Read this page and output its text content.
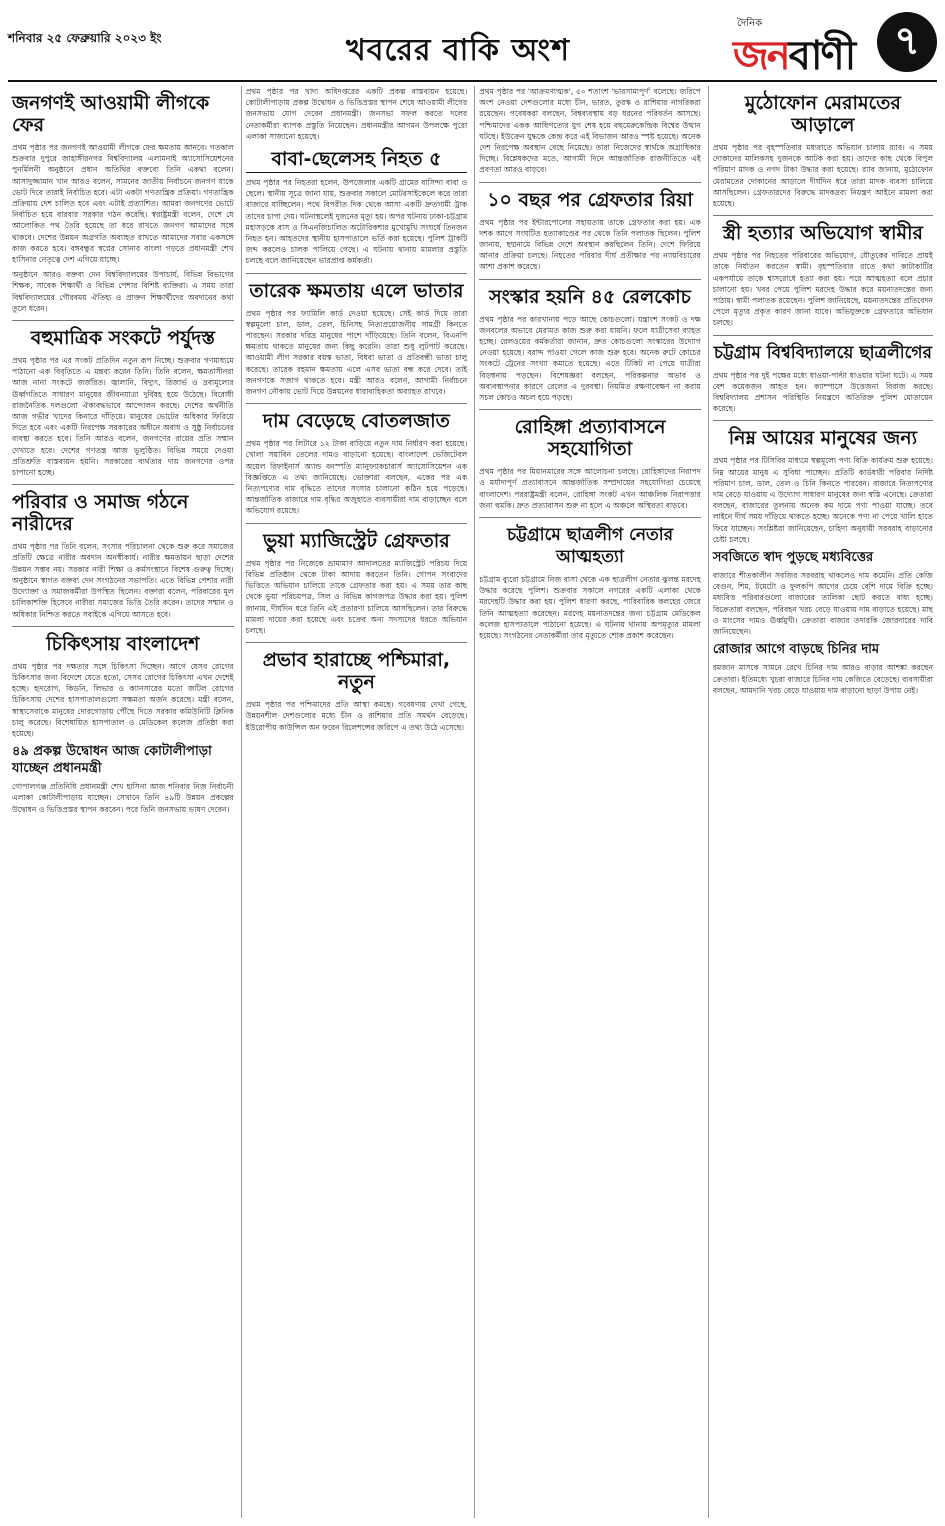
শনিবার ২৫ ফেব্রুয়ারি ২০২৩ ইং	খবরের বাকি অংশ
দৈনিক
জনবাণী ৭
জনগণই আওয়ামী লীগকে ফের

প্রথম পৃষ্ঠার পর জনগণই আওয়ামী লীগকে ফের ক্ষমতায় আনবে। গতকাল শুক্রবার দুপুরে জাহাঙ্গীরনগর বিশ্ববিদ্যালয় এলামনাই অ্যাসোসিয়েশনের পুনর্মিলনী অনুষ্ঠানে প্রধান অতিথির বক্তব্যে তিনি একথা বলেন। আসাদুজ্জামান খান আরও বলেন, সামনের জাতীয় নির্বাচনে জনগণ যাকে ভোট দিবে তারাই নির্বাচিত হবে। এটা একটা গণতান্ত্রিক প্রক্রিয়া। গণতান্ত্রিক প্রক্রিয়ায় দেশ চালিত হবে এবং এটাই প্রত্যাশিত। আমরা জনগণের ভোটে নির্বাচিত হয়ে বারবার সরকার গঠন করেছি। স্বরাষ্ট্রমন্ত্রী বলেন, দেশে যে আলোকিত পথ তৈরি হয়েছে তা ধরে রাখতে জনগণ আমাদের সঙ্গে থাকবে। দেশের উন্নয়ন অগ্রগতি অব্যাহত রাখতে আমাদের সবার একসঙ্গে কাজ করতে হবে। বঙ্গবন্ধুর স্বপ্নের সোনার বাংলা গড়তে প্রধানমন্ত্রী শেখ হাসিনার নেতৃত্বে দেশ এগিয়ে যাচ্ছে।

অনুষ্ঠানে আরও বক্তব্য দেন বিশ্ববিদ্যালয়ের উপাচার্য, বিভিন্ন বিভাগের শিক্ষক, সাবেক শিক্ষার্থী ও বিভিন্ন পেশার বিশিষ্ট ব্যক্তিরা। এ সময় তারা বিশ্ববিদ্যালয়ের গৌরবময় ঐতিহ্য ও প্রাক্তন শিক্ষার্থীদের অবদানের কথা তুলে ধরেন।

বহুমাত্রিক সংকটে পর্যুদস্ত

প্রথম পৃষ্ঠার পর এর সংকট প্রতিদিন নতুন রূপ নিচ্ছে। শুক্রবার গণমাধ্যমে পাঠানো এক বিবৃতিতে এ মন্তব্য করেন তিনি। তিনি বলেন, ক্ষমতাসীনরা আজ নানা সংকটে জর্জরিত। জ্বালানি, বিদ্যুৎ, রিজার্ভ ও দ্রব্যমূল্যের ঊর্ধ্বগতিতে সাধারণ মানুষের জীবনযাত্রা দুর্বিষহ হয়ে উঠেছে। বিরোধী রাজনৈতিক দলগুলো ঐক্যবদ্ধভাবে আন্দোলন করছে। দেশের অর্থনীতি আজ গভীর খাদের কিনারে দাঁড়িয়ে। মানুষের ভোটের অধিকার ফিরিয়ে দিতে হবে এবং একটি নিরপেক্ষ সরকারের অধীনে অবাধ ও সুষ্ঠু নির্বাচনের ব্যবস্থা করতে হবে। তিনি আরও বলেন, জনগণের রায়ের প্রতি সম্মান দেখাতে হবে। দেশের গণতন্ত্র আজ ভূলুণ্ঠিত। বিভিন্ন সময়ে দেওয়া প্রতিশ্রুতি বাস্তবায়ন হয়নি। সরকারের ব্যর্থতার দায় জনগণের ওপর চাপানো হচ্ছে।

পরিবার ও সমাজ গঠনে নারীদের

প্রথম পৃষ্ঠার পর তিনি বলেন, সংসার পরিচালনা থেকে শুরু করে সমাজের প্রতিটি ক্ষেত্রে নারীর অবদান অনস্বীকার্য। নারীর ক্ষমতায়ন ছাড়া দেশের উন্নয়ন সম্ভব নয়। সরকার নারী শিক্ষা ও কর্মসংস্থানে বিশেষ গুরুত্ব দিচ্ছে। অনুষ্ঠানে স্বাগত বক্তব্য দেন সংগঠনের সভাপতি। এতে বিভিন্ন পেশার নারী উদ্যোক্তা ও সমাজকর্মীরা উপস্থিত ছিলেন। বক্তারা বলেন, পরিবারের মূল চালিকাশক্তি হিসেবে নারীরা সমাজের ভিত্তি তৈরি করেন। তাদের সম্মান ও অধিকার নিশ্চিত করতে সবাইকে এগিয়ে আসতে হবে।

চিকিৎসায় বাংলাদেশ

প্রথম পৃষ্ঠার পর দক্ষতার সঙ্গে চিকিৎসা দিচ্ছেন। আগে যেসব রোগের চিকিৎসার জন্য বিদেশে যেতে হতো, সেসব রোগের চিকিৎসা এখন দেশেই হচ্ছে। হৃদরোগ, কিডনি, লিভার ও ক্যানসারের মতো জটিল রোগের চিকিৎসায় দেশের হাসপাতালগুলো সক্ষমতা অর্জন করেছে। মন্ত্রী বলেন, স্বাস্থ্যসেবাকে মানুষের দোরগোড়ায় পৌঁছে দিতে সরকার কমিউনিটি ক্লিনিক চালু করেছে। বিশেষায়িত হাসপাতাল ও মেডিকেল কলেজ প্রতিষ্ঠা করা হয়েছে।

৪৯ প্রকল্প উদ্বোধন আজ কোটালীপাড়া যাচ্ছেন প্রধানমন্ত্রী

গোপালগঞ্জ প্রতিনিধি প্রধানমন্ত্রী শেখ হাসিনা আজ শনিবার নিজ নির্বাচনী এলাকা কোটালীপাড়ায় যাচ্ছেন। সেখানে তিনি ৪৯টি উন্নয়ন প্রকল্পের উদ্বোধন ও ভিত্তিপ্রস্তর স্থাপন করবেন। পরে তিনি জনসভায় ভাষণ দেবেন।

প্রথম পৃষ্ঠার পর খাদ্য অধিদপ্তরের একটি প্রকল্প বাস্তবায়ন হয়েছে। কোটালীপাড়ায় প্রকল্প উদ্বোধন ও ভিত্তিপ্রস্তর স্থাপন শেষে আওয়ামী লীগের জনসভায় যোগ দেবেন প্রধানমন্ত্রী। জনসভা সফল করতে দলের নেতাকর্মীরা ব্যাপক প্রস্তুতি নিয়েছেন। প্রধানমন্ত্রীর আগমন উপলক্ষে পুরো এলাকা সাজানো হয়েছে।

বাবা-ছেলেসহ নিহত ৫

প্রথম পৃষ্ঠার পর নিহতরা হলেন, উপজেলার একটি গ্রামের বাসিন্দা বাবা ও ছেলে। স্থানীয় সূত্রে জানা যায়, শুক্রবার সকালে মোটরসাইকেলে করে তারা বাজারে যাচ্ছিলেন। পথে বিপরীত দিক থেকে আসা একটি দ্রুতগামী ট্রাক তাদের চাপা দেয়। ঘটনাস্থলেই দুজনের মৃত্যু হয়। অপর ঘটনায় ঢাকা-চট্টগ্রাম মহাসড়কে বাস ও সিএনজিচালিত অটোরিকশার মুখোমুখি সংঘর্ষে তিনজন নিহত হন। আহতদের স্থানীয় হাসপাতালে ভর্তি করা হয়েছে। পুলিশ ট্রাকটি জব্দ করলেও চালক পালিয়ে গেছে। এ ঘটনায় থানায় মামলার প্রস্তুতি চলছে বলে জানিয়েছেন ভারপ্রাপ্ত কর্মকর্তা।

তারেক ক্ষমতায় এলে ভাতার

প্রথম পৃষ্ঠার পর ফ্যামিলি কার্ড দেওয়া হয়েছে। সেই কার্ড দিয়ে তারা স্বল্পমূল্যে চাল, ডাল, তেল, চিনিসহ নিত্যপ্রয়োজনীয় সামগ্রী কিনতে পারছেন। সরকার দরিদ্র মানুষের পাশে দাঁড়িয়েছে। তিনি বলেন, বিএনপি ক্ষমতায় থাকতে মানুষের জন্য কিছু করেনি। তারা শুধু লুটপাট করেছে। আওয়ামী লীগ সরকার বয়স্ক ভাতা, বিধবা ভাতা ও প্রতিবন্ধী ভাতা চালু করেছে। তারেক রহমান ক্ষমতায় এলে এসব ভাতা বন্ধ করে দেবে। তাই জনগণকে সজাগ থাকতে হবে। মন্ত্রী আরও বলেন, আগামী নির্বাচনে জনগণ নৌকায় ভোট দিয়ে উন্নয়নের ধারাবাহিকতা অব্যাহত রাখবে।

দাম বেড়েছে বোতলজাত

প্রথম পৃষ্ঠার পর লিটারে ১২ টাকা বাড়িয়ে নতুন দাম নির্ধারণ করা হয়েছে। খোলা সয়াবিন তেলের দামও বাড়ানো হয়েছে। বাংলাদেশ ভেজিটেবল অয়েল রিফাইনার্স অ্যান্ড বনস্পতি ম্যানুফ্যাকচারার্স অ্যাসোসিয়েশন এক বিজ্ঞপ্তিতে এ তথ্য জানিয়েছে। ভোক্তারা বলছেন, একের পর এক নিত্যপণ্যের দাম বৃদ্ধিতে তাদের সংসার চালানো কঠিন হয়ে পড়েছে। আন্তর্জাতিক বাজারে দাম বৃদ্ধির অজুহাতে ব্যবসায়ীরা দাম বাড়াচ্ছেন বলে অভিযোগ রয়েছে।

ভুয়া ম্যাজিস্ট্রেট গ্রেফতার

প্রথম পৃষ্ঠার পর নিজেকে ভ্রাম্যমাণ আদালতের ম্যাজিস্ট্রেট পরিচয় দিয়ে বিভিন্ন প্রতিষ্ঠান থেকে টাকা আদায় করতেন তিনি। গোপন সংবাদের ভিত্তিতে অভিযান চালিয়ে তাকে গ্রেফতার করা হয়। এ সময় তার কাছ থেকে ভুয়া পরিচয়পত্র, সিল ও বিভিন্ন কাগজপত্র উদ্ধার করা হয়। পুলিশ জানায়, দীর্ঘদিন ধরে তিনি এই প্রতারণা চালিয়ে আসছিলেন। তার বিরুদ্ধে মামলা দায়ের করা হয়েছে এবং চক্রের অন্য সদস্যদের ধরতে অভিযান চলছে।

প্রভাব হারাচ্ছে পশ্চিমারা, নতুন

প্রথম পৃষ্ঠার পর পশ্চিমাদের প্রতি আস্থা কমছে। গবেষণায় দেখা গেছে, উন্নয়নশীল দেশগুলোর মধ্যে চীন ও রাশিয়ার প্রতি সমর্থন বেড়েছে। ইউরোপীয় কাউন্সিল অন ফরেন রিলেশন্সের জরিপে এ তথ্য উঠে এসেছে।

প্রথম পৃষ্ঠার পর 'আক্রমণাত্মক', ৫০ শতাংশ 'ভারসাম্যপূর্ণ' বলেছে। জরিপে অংশ নেওয়া দেশগুলোর মধ্যে চীন, ভারত, তুরস্ক ও রাশিয়ার নাগরিকরা রয়েছেন। গবেষকরা বলছেন, বিশ্বব্যবস্থায় বড় ধরনের পরিবর্তন আসছে। পশ্চিমাদের একক আধিপত্যের যুগ শেষ হয়ে বহুমেরুকেন্দ্রিক বিশ্বের উত্থান ঘটছে। ইউক্রেন যুদ্ধকে কেন্দ্র করে এই বিভাজন আরও স্পষ্ট হয়েছে। অনেক দেশ নিরপেক্ষ অবস্থান বেছে নিয়েছে। তারা নিজেদের স্বার্থকে অগ্রাধিকার দিচ্ছে। বিশ্লেষকদের মতে, আগামী দিনে আন্তর্জাতিক রাজনীতিতে এই প্রবণতা আরও বাড়বে।

১০ বছর পর গ্রেফতার রিয়া

প্রথম পৃষ্ঠার পর ইন্টারপোলের সহায়তায় তাকে গ্রেফতার করা হয়। এক দশক আগে সংঘটিত হত্যাকাণ্ডের পর থেকে তিনি পলাতক ছিলেন। পুলিশ জানায়, ছদ্মনামে বিভিন্ন দেশে অবস্থান করছিলেন তিনি। দেশে ফিরিয়ে আনার প্রক্রিয়া চলছে। নিহতের পরিবার দীর্ঘ প্রতীক্ষার পর ন্যায়বিচারের আশা প্রকাশ করেছে।

সংস্কার হয়নি ৪৫ রেলকোচ

প্রথম পৃষ্ঠার পর কারখানায় পড়ে আছে কোচগুলো। যন্ত্রাংশ সংকট ও দক্ষ জনবলের অভাবে মেরামত কাজ শুরু করা যায়নি। ফলে যাত্রীসেবা ব্যাহত হচ্ছে। রেলওয়ের কর্মকর্তারা জানান, দ্রুত কোচগুলো সংস্কারের উদ্যোগ নেওয়া হয়েছে। বরাদ্দ পাওয়া গেলে কাজ শুরু হবে। অনেক রুটে কোচের সংকটে ট্রেনের সংখ্যা কমাতে হয়েছে। এতে টিকিট না পেয়ে যাত্রীরা বিড়ম্বনায় পড়ছেন। বিশেষজ্ঞরা বলছেন, পরিকল্পনার অভাব ও অব্যবস্থাপনার কারণে রেলের এ দুরবস্থা। নিয়মিত রক্ষণাবেক্ষণ না করায় সচল কোচও অচল হয়ে পড়ছে।

রোহিঙ্গা প্রত্যাবাসনে সহযোগিতা

প্রথম পৃষ্ঠার পর মিয়ানমারের সঙ্গে আলোচনা চলছে। রোহিঙ্গাদের নিরাপদ ও মর্যাদাপূর্ণ প্রত্যাবাসনে আন্তর্জাতিক সম্প্রদায়ের সহযোগিতা চেয়েছে বাংলাদেশ। পররাষ্ট্রমন্ত্রী বলেন, রোহিঙ্গা সংকট এখন আঞ্চলিক নিরাপত্তার জন্য হুমকি। দ্রুত প্রত্যাবাসন শুরু না হলে এ অঞ্চলে অস্থিরতা বাড়বে।

চট্টগ্রামে ছাত্রলীগ নেতার আত্মহত্যা

চট্টগ্রাম ব্যুরো চট্টগ্রামে নিজ বাসা থেকে এক ছাত্রলীগ নেতার ঝুলন্ত মরদেহ উদ্ধার করেছে পুলিশ। শুক্রবার সকালে নগরের একটি এলাকা থেকে মরদেহটি উদ্ধার করা হয়। পুলিশ ধারণা করছে, পারিবারিক কলহের জেরে তিনি আত্মহত্যা করেছেন। মরদেহ ময়নাতদন্তের জন্য চট্টগ্রাম মেডিকেল কলেজ হাসপাতালে পাঠানো হয়েছে। এ ঘটনায় থানায় অপমৃত্যুর মামলা হয়েছে। সংগঠনের নেতাকর্মীরা তার মৃত্যুতে শোক প্রকাশ করেছেন।

মুঠোফোন মেরামতের আড়ালে

প্রথম পৃষ্ঠার পর বৃহস্পতিবার মধ্যরাতে অভিযান চালায় র‍্যাব। এ সময় দোকানের মালিকসহ দুজনকে আটক করা হয়। তাদের কাছ থেকে বিপুল পরিমাণ মাদক ও নগদ টাকা উদ্ধার করা হয়েছে। র‍্যাব জানায়, মুঠোফোন মেরামতের দোকানের আড়ালে দীর্ঘদিন ধরে তারা মাদক ব্যবসা চালিয়ে আসছিলেন। গ্রেফতারদের বিরুদ্ধে মাদকদ্রব্য নিয়ন্ত্রণ আইনে মামলা করা হয়েছে।

স্ত্রী হত্যার অভিযোগ স্বামীর

প্রথম পৃষ্ঠার পর নিহতের পরিবারের অভিযোগ, যৌতুকের দাবিতে প্রায়ই তাকে নির্যাতন করতেন স্বামী। বৃহস্পতিবার রাতে কথা কাটাকাটির একপর্যায়ে তাকে শ্বাসরোধে হত্যা করা হয়। পরে আত্মহত্যা বলে প্রচার চালানো হয়। খবর পেয়ে পুলিশ মরদেহ উদ্ধার করে ময়নাতদন্তের জন্য পাঠায়। স্বামী পলাতক রয়েছেন। পুলিশ জানিয়েছে, ময়নাতদন্তের প্রতিবেদন পেলে মৃত্যুর প্রকৃত কারণ জানা যাবে। অভিযুক্তকে গ্রেফতারে অভিযান চলছে।

চট্টগ্রাম বিশ্ববিদ্যালয়ে ছাত্রলীগের

প্রথম পৃষ্ঠার পর দুই পক্ষের মধ্যে ধাওয়া-পাল্টা ধাওয়ার ঘটনা ঘটে। এ সময় বেশ কয়েকজন আহত হন। ক্যাম্পাসে উত্তেজনা বিরাজ করছে। বিশ্ববিদ্যালয় প্রশাসন পরিস্থিতি নিয়ন্ত্রণে অতিরিক্ত পুলিশ মোতায়েন করেছে।

নিম্ন আয়ের মানুষের জন্য

প্রথম পৃষ্ঠার পর টিসিবির মাধ্যমে স্বল্পমূল্যে পণ্য বিক্রি কার্যক্রম শুরু হয়েছে। নিম্ন আয়ের মানুষ এ সুবিধা পাচ্ছেন। প্রতিটি কার্ডধারী পরিবার নির্দিষ্ট পরিমাণ চাল, ডাল, তেল ও চিনি কিনতে পারবেন। বাজারে নিত্যপণ্যের দাম বেড়ে যাওয়ায় এ উদ্যোগ সাধারণ মানুষের জন্য স্বস্তি এনেছে। ক্রেতারা বলছেন, বাজারের তুলনায় অনেক কম দামে পণ্য পাওয়া যাচ্ছে। তবে লাইনে দীর্ঘ সময় দাঁড়িয়ে থাকতে হচ্ছে। অনেকে পণ্য না পেয়ে খালি হাতে ফিরে যাচ্ছেন। সংশ্লিষ্টরা জানিয়েছেন, চাহিদা অনুযায়ী সরবরাহ বাড়ানোর চেষ্টা চলছে।

সবজিতে স্বাদ পুড়ছে মধ্যবিত্তের

বাজারে শীতকালীন সবজির সরবরাহ থাকলেও দাম কমেনি। প্রতি কেজি বেগুন, শিম, টমেটো ও ফুলকপি আগের চেয়ে বেশি দামে বিক্রি হচ্ছে। মধ্যবিত্ত পরিবারগুলো বাজারের তালিকা ছোট করতে বাধ্য হচ্ছে। বিক্রেতারা বলছেন, পরিবহন খরচ বেড়ে যাওয়ায় দাম বাড়াতে হয়েছে। মাছ ও মাংসের দামও ঊর্ধ্বমুখী। ক্রেতারা বাজার তদারকি জোরদারের দাবি জানিয়েছেন।

রোজার আগে বাড়ছে চিনির দাম

রমজান মাসকে সামনে রেখে চিনির দাম আরও বাড়ার আশঙ্কা করছেন ক্রেতারা। ইতিমধ্যে খুচরা বাজারে চিনির দাম কেজিতে বেড়েছে। ব্যবসায়ীরা বলছেন, আমদানি খরচ বেড়ে যাওয়ায় দাম বাড়ানো ছাড়া উপায় নেই।
